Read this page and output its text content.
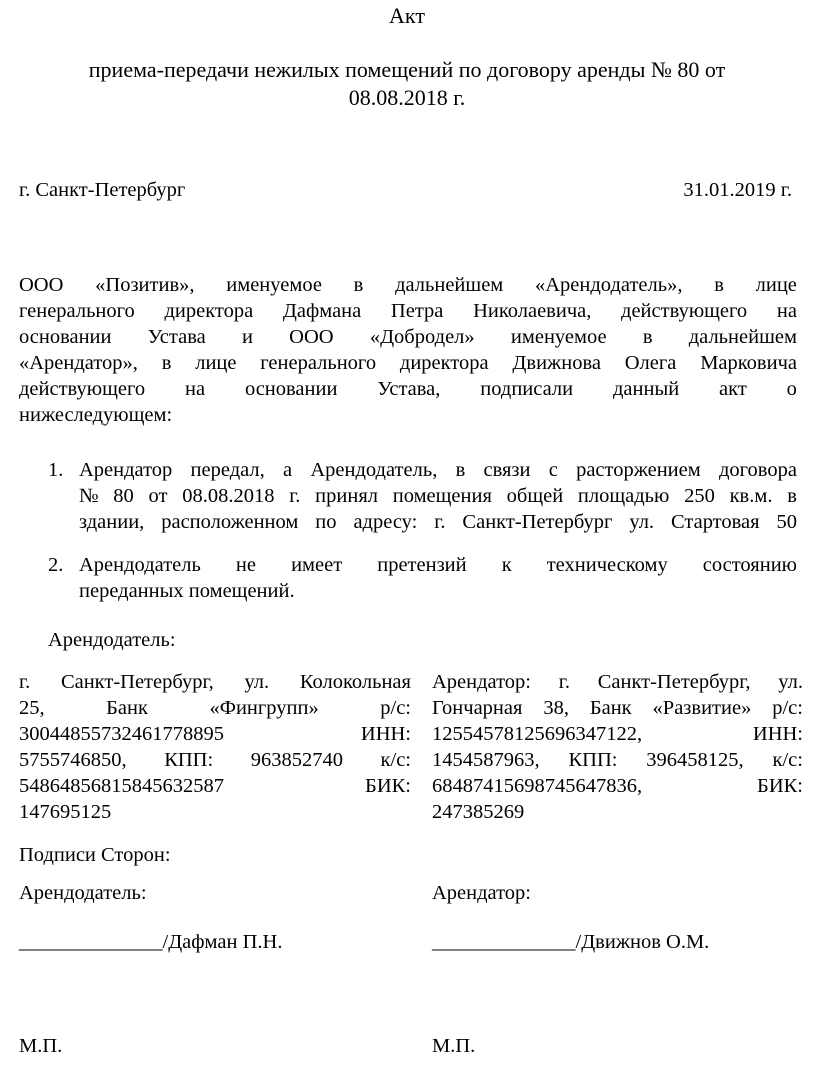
Акт
приема-передачи нежилых помещений по договору аренды № 80 от
08.08.2018 г.
г. Санкт-Петербург	31.01.2019 г.
ООО «Позитив», именуемое в дальнейшем «Арендодатель», в лице
генерального директора Дафмана Петра Николаевича, действующего на
основании Устава и ООО «Добродел» именуемое в дальнейшем
«Арендатор», в лице генерального директора Движнова Олега Марковича
действующего на основании Устава, подписали данный акт о
нижеследующем:
1. Арендатор передал, а Арендодатель, в связи с расторжением договора
№ 80 от 08.08.2018 г. принял помещения общей площадью 250 кв.м. в
здании, расположенном по адресу: г. Санкт-Петербург ул. Стартовая 50
2. Арендодатель не имеет претензий к техническому состоянию
переданных помещений.
Арендодатель:
г. Санкт-Петербург, ул. Колокольная
25,	Банк	«Фингрупп»	р/с:
30044855732461778895	ИНН:
5755746850, КПП: 963852740 к/с:
54864856815845632587	БИК:
147695125
Арендатор: г. Санкт-Петербург, ул.
Гончарная 38, Банк «Развитие» р/с:
12554578125696347122,	ИНН:
1454587963, КПП: 396458125, к/с:
68487415698745647836,	БИК:
247385269
Подписи Сторон:
Арендодатель:	Арендатор:
______________/Дафман П.Н.	______________/Движнов О.М.
М.П.	М.П.
